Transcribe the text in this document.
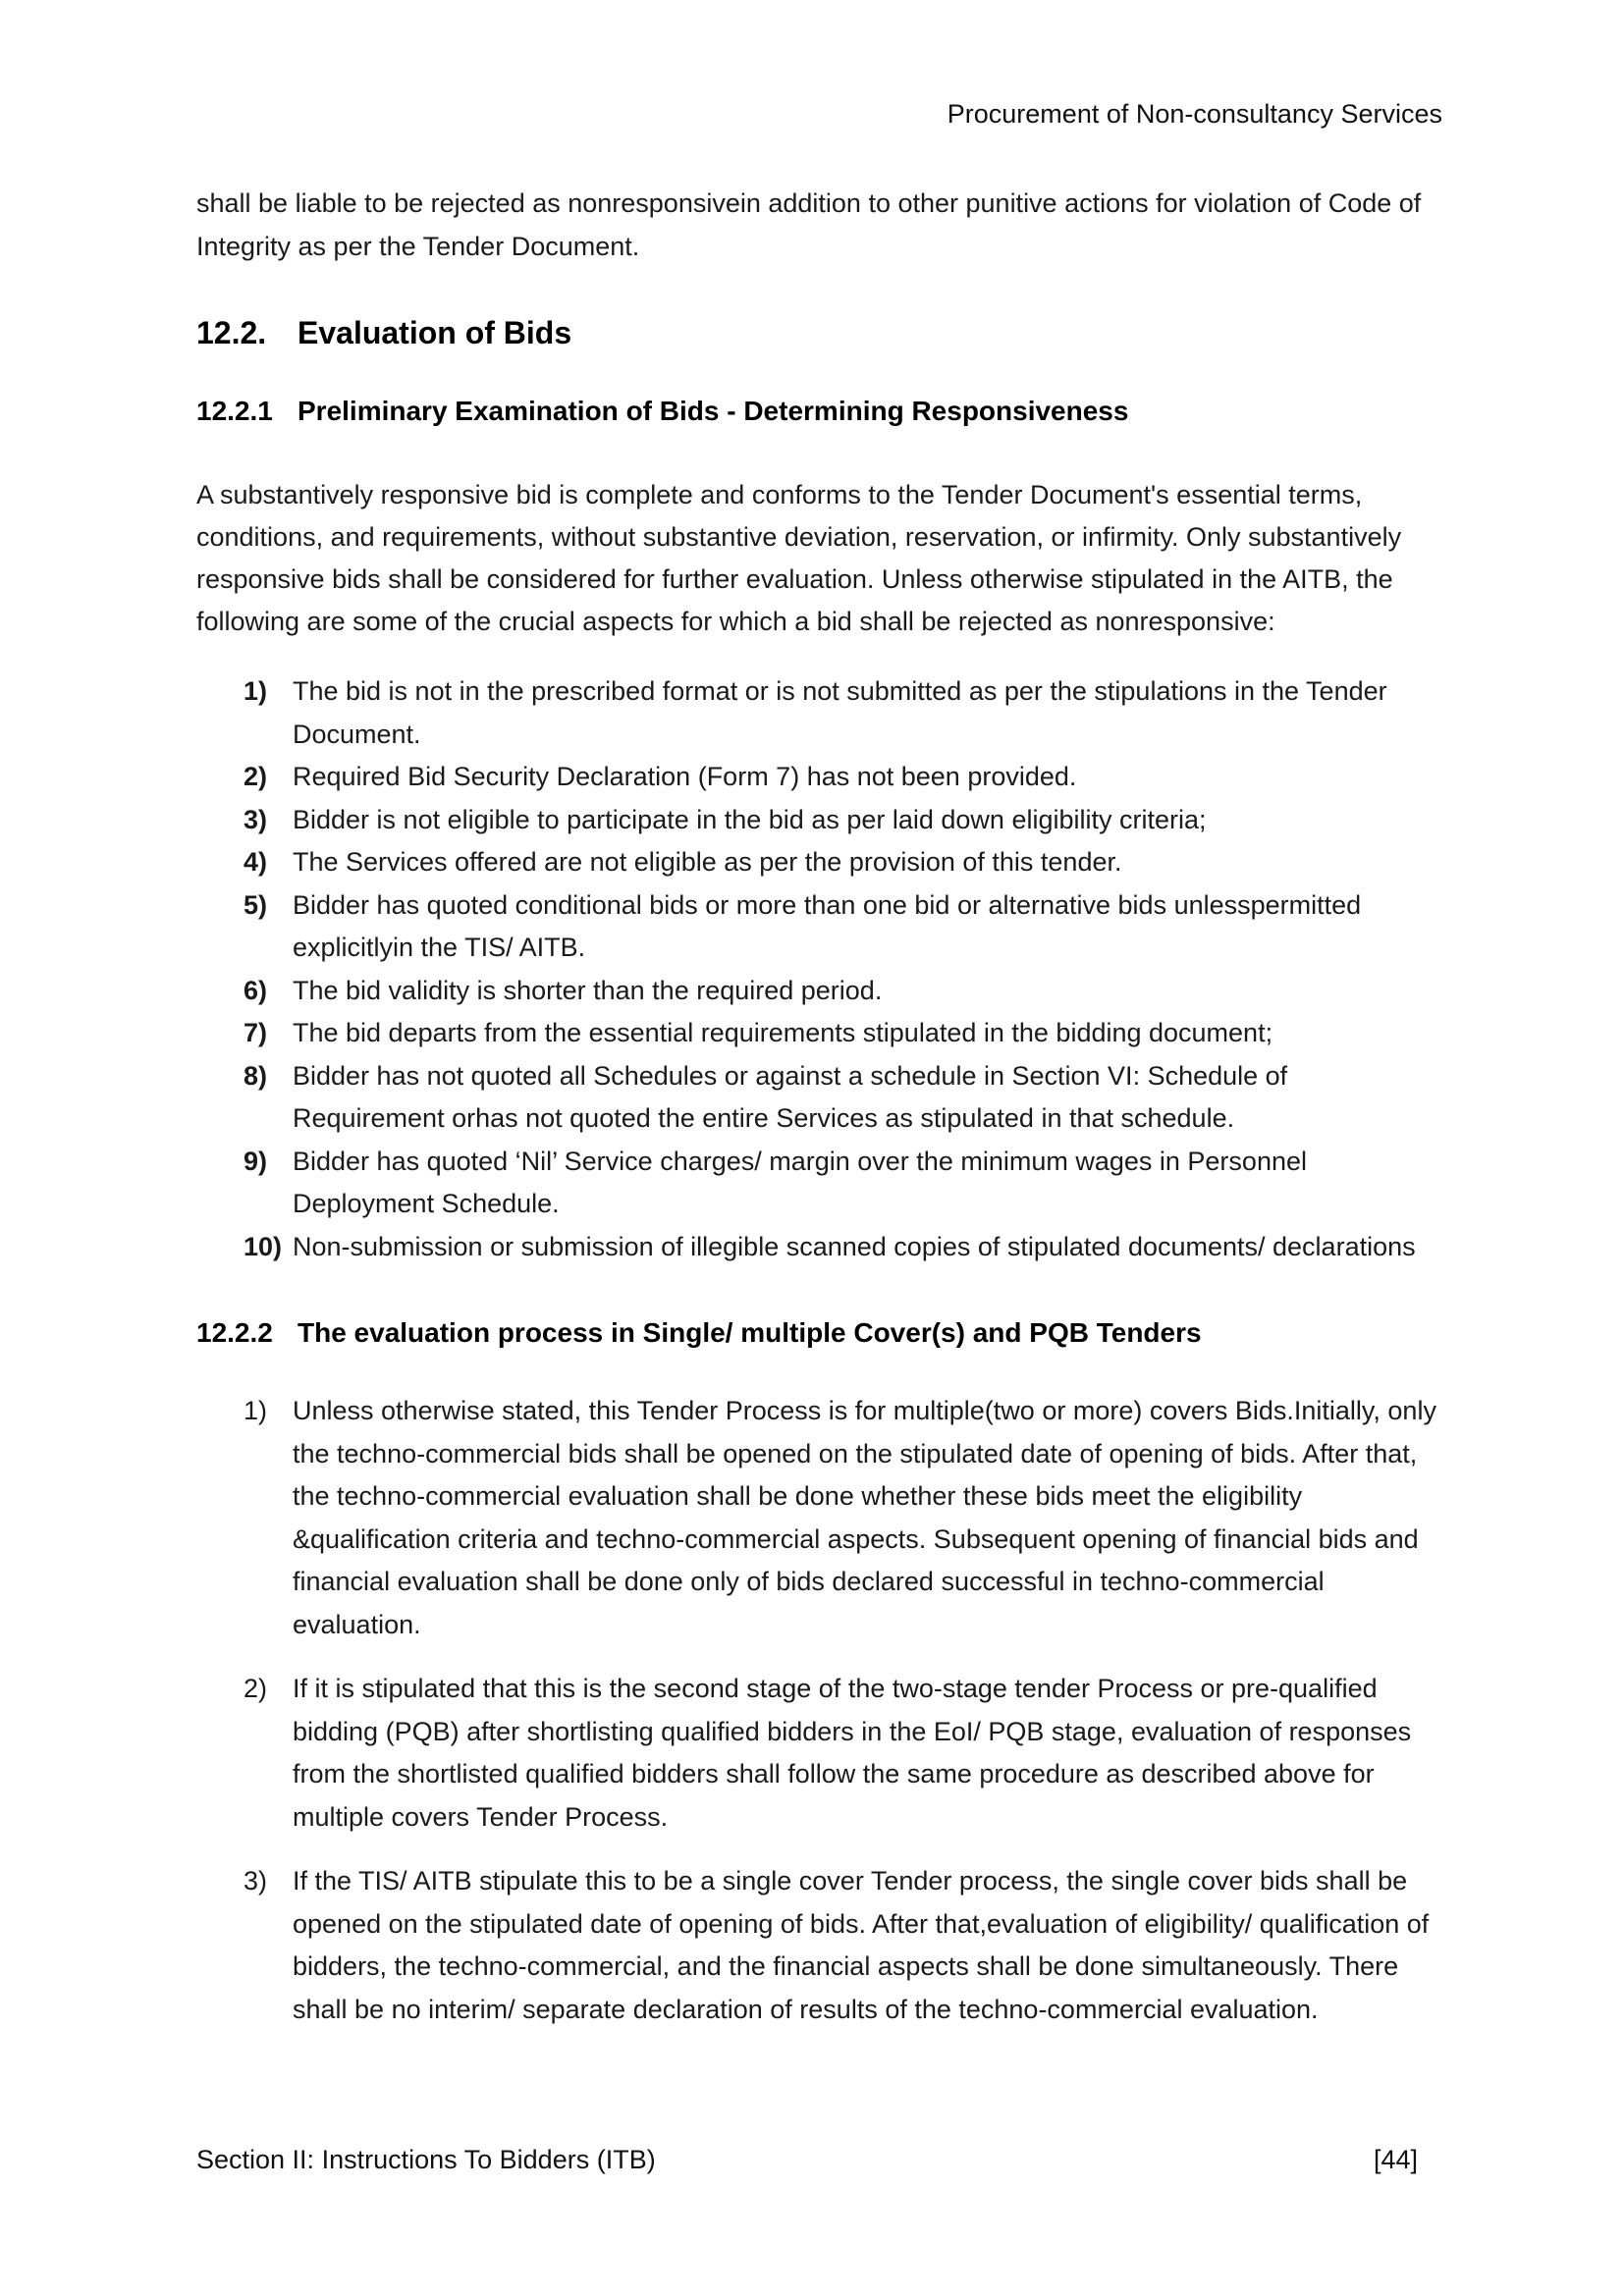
Procurement of Non-consultancy Services

shall be liable to be rejected as nonresponsivein addition to other punitive actions for violation of Code of Integrity as per the Tender Document.

12.2. Evaluation of Bids
12.2.1 Preliminary Examination of Bids - Determining Responsiveness

A substantively responsive bid is complete and conforms to the Tender Document's essential terms, conditions, and requirements, without substantive deviation, reservation, or infirmity. Only substantively responsive bids shall be considered for further evaluation. Unless otherwise stipulated in the AITB, the following are some of the crucial aspects for which a bid shall be rejected as nonresponsive:

1) The bid is not in the prescribed format or is not submitted as per the stipulations in the Tender Document.
2) Required Bid Security Declaration (Form 7) has not been provided.
3) Bidder is not eligible to participate in the bid as per laid down eligibility criteria;
4) The Services offered are not eligible as per the provision of this tender.
5) Bidder has quoted conditional bids or more than one bid or alternative bids unlesspermitted explicitlyin the TIS/ AITB.
6) The bid validity is shorter than the required period.
7) The bid departs from the essential requirements stipulated in the bidding document;
8) Bidder has not quoted all Schedules or against a schedule in Section VI: Schedule of Requirement orhas not quoted the entire Services as stipulated in that schedule.
9) Bidder has quoted ‘Nil’ Service charges/ margin over the minimum wages in Personnel Deployment Schedule.
10) Non-submission or submission of illegible scanned copies of stipulated documents/ declarations
12.2.2 The evaluation process in Single/ multiple Cover(s) and PQB Tenders
1) Unless otherwise stated, this Tender Process is for multiple(two or more) covers Bids.Initially, only the techno-commercial bids shall be opened on the stipulated date of opening of bids. After that, the techno-commercial evaluation shall be done whether these bids meet the eligibility &qualification criteria and techno-commercial aspects. Subsequent opening of financial bids and financial evaluation shall be done only of bids declared successful in techno-commercial evaluation.
2) If it is stipulated that this is the second stage of the two-stage tender Process or pre-qualified bidding (PQB) after shortlisting qualified bidders in the EoI/ PQB stage, evaluation of responses from the shortlisted qualified bidders shall follow the same procedure as described above for multiple covers Tender Process.
3) If the TIS/ AITB stipulate this to be a single cover Tender process, the single cover bids shall be opened on the stipulated date of opening of bids. After that,evaluation of eligibility/ qualification of bidders, the techno-commercial, and the financial aspects shall be done simultaneously. There shall be no interim/ separate declaration of results of the techno-commercial evaluation.
Section II: Instructions To Bidders (ITB)	[44]
